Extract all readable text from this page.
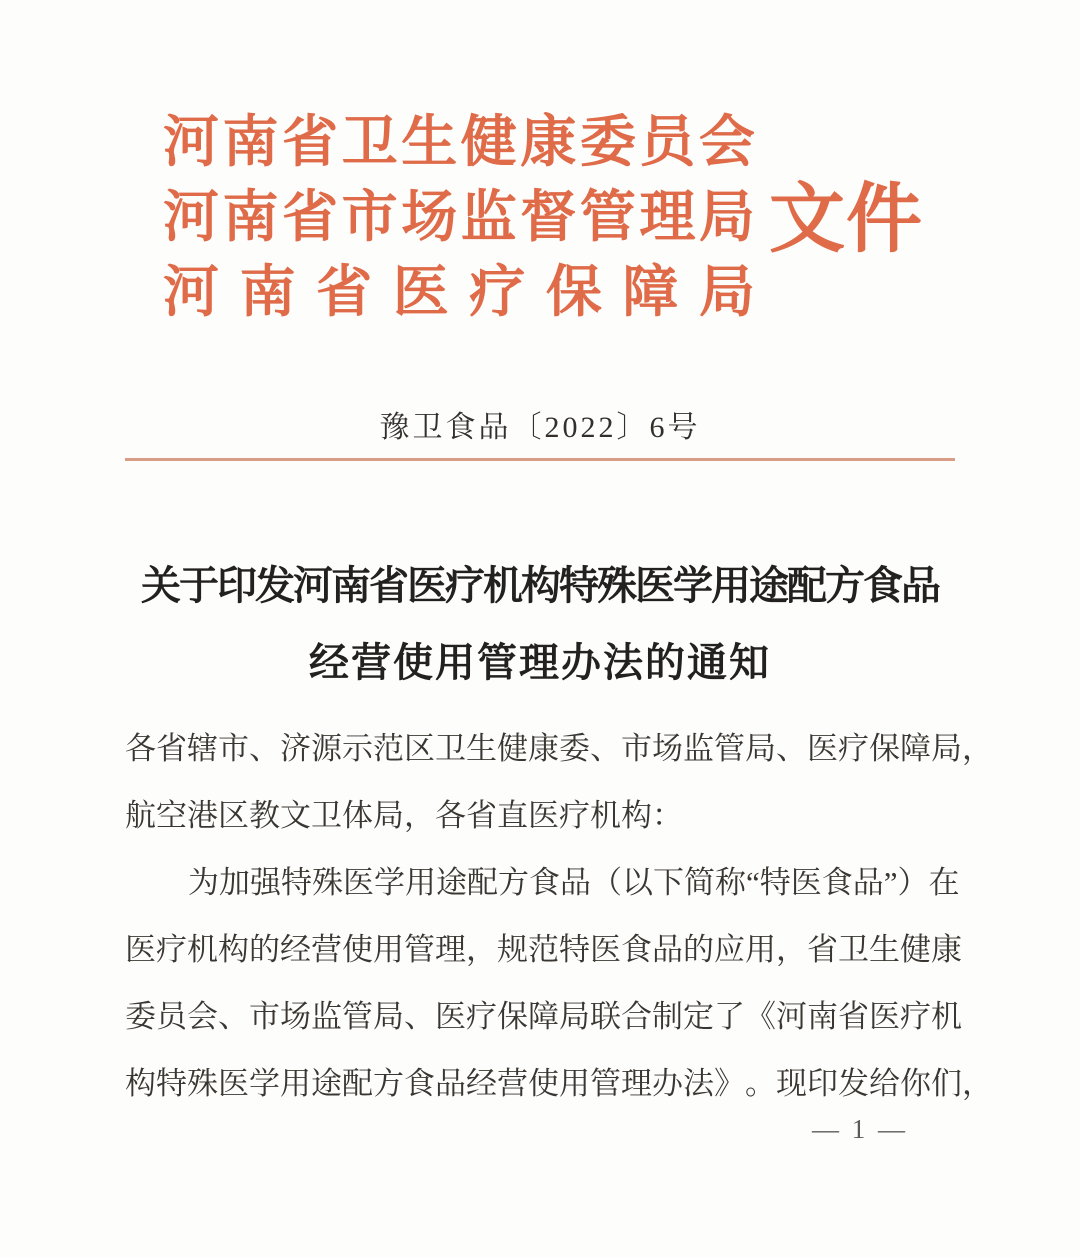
河 南 省 卫 生 健 康 委 员 会
河 南 省 市 场 监 督 管 理 局
河 南 省 医 疗 保 障 局
文件
豫卫食品〔2022〕6号
关于印发河南省医疗机构特殊医学用途配方食品
经营使用管理办法的通知
各 省 辖 市 、 济 源 示 范 区 卫 生 健 康 委 、 市 场 监 管 局 、 医 疗 保 障 局 ，
航空港区教文卫体局，各省直医疗机构：
为 加 强 特 殊 医 学 用 途 配 方 食 品 （ 以 下 简 称 “ 特 医 食 品 ” ） 在
医 疗 机 构 的 经 营 使 用 管 理 ， 规 范 特 医 食 品 的 应 用 ， 省 卫 生 健 康
委 员 会 、 市 场 监 管 局 、 医 疗 保 障 局 联 合 制 定 了 《 河 南 省 医 疗 机
构 特 殊 医 学 用 途 配 方 食 品 经 营 使 用 管 理 办 法 》 。 现 印 发 给 你 们 ，
— 1 —
